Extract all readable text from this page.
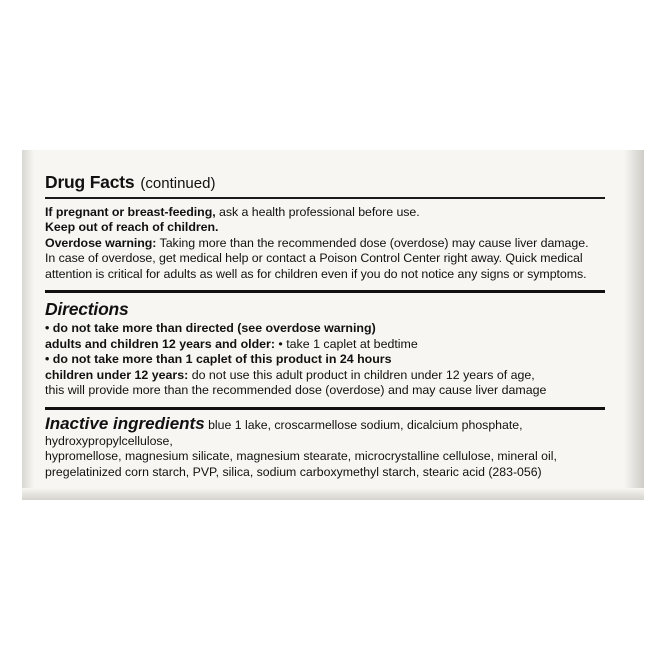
Drug Facts (continued)

If pregnant or breast-feeding, ask a health professional before use.

Keep out of reach of children.

Overdose warning: Taking more than the recommended dose (overdose) may cause liver damage.

In case of overdose, get medical help or contact a Poison Control Center right away. Quick medical

attention is critical for adults as well as for children even if you do not notice any signs or symptoms.

Directions

• do not take more than directed (see overdose warning)

adults and children 12 years and older: • take 1 caplet at bedtime

• do not take more than 1 caplet of this product in 24 hours

children under 12 years: do not use this adult product in children under 12 years of age,

this will provide more than the recommended dose (overdose) and may cause liver damage

Inactive ingredients blue 1 lake, croscarmellose sodium, dicalcium phosphate, hydroxypropylcellulose,

hypromellose, magnesium silicate, magnesium stearate, microcrystalline cellulose, mineral oil,

pregelatinized corn starch, PVP, silica, sodium carboxymethyl starch, stearic acid (283-056)
